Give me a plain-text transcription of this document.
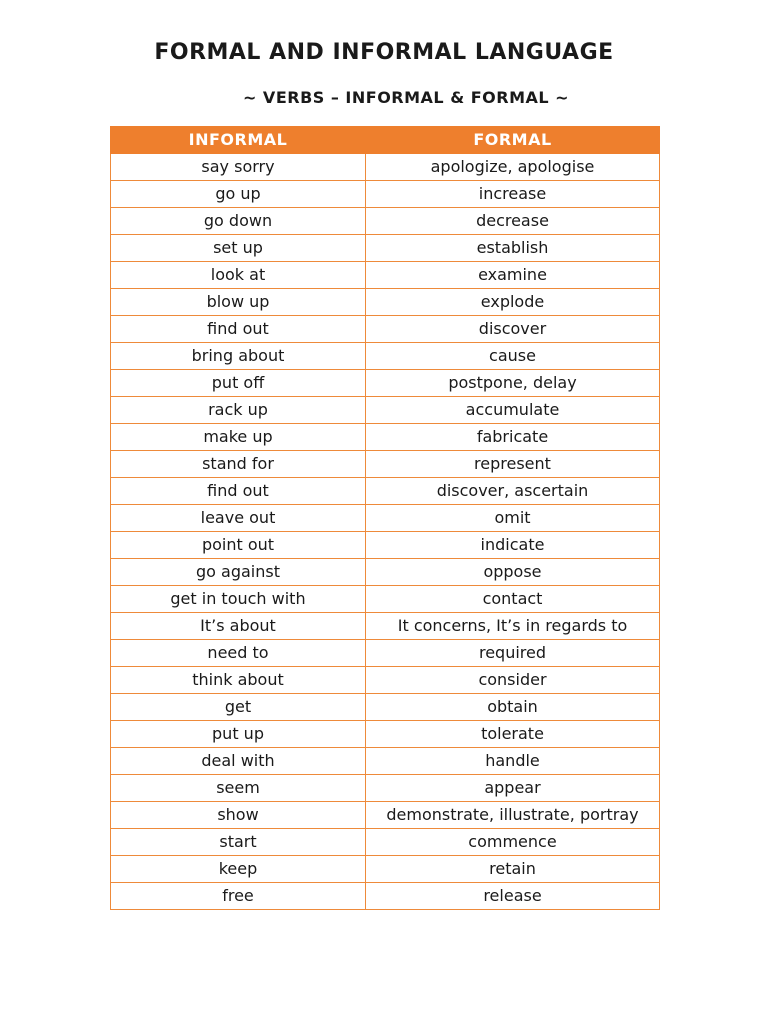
FORMAL AND INFORMAL LANGUAGE
~ VERBS – INFORMAL & FORMAL ~
INFORMAL	FORMAL
say sorry	apologize, apologise
go up	increase
go down	decrease
set up	establish
look at	examine
blow up	explode
find out	discover
bring about	cause
put off	postpone, delay
rack up	accumulate
make up	fabricate
stand for	represent
find out	discover, ascertain
leave out	omit
point out	indicate
go against	oppose
get in touch with	contact
It’s about	It concerns, It’s in regards to
need to	required
think about	consider
get	obtain
put up	tolerate
deal with	handle
seem	appear
show	demonstrate, illustrate, portray
start	commence
keep	retain
free	release
